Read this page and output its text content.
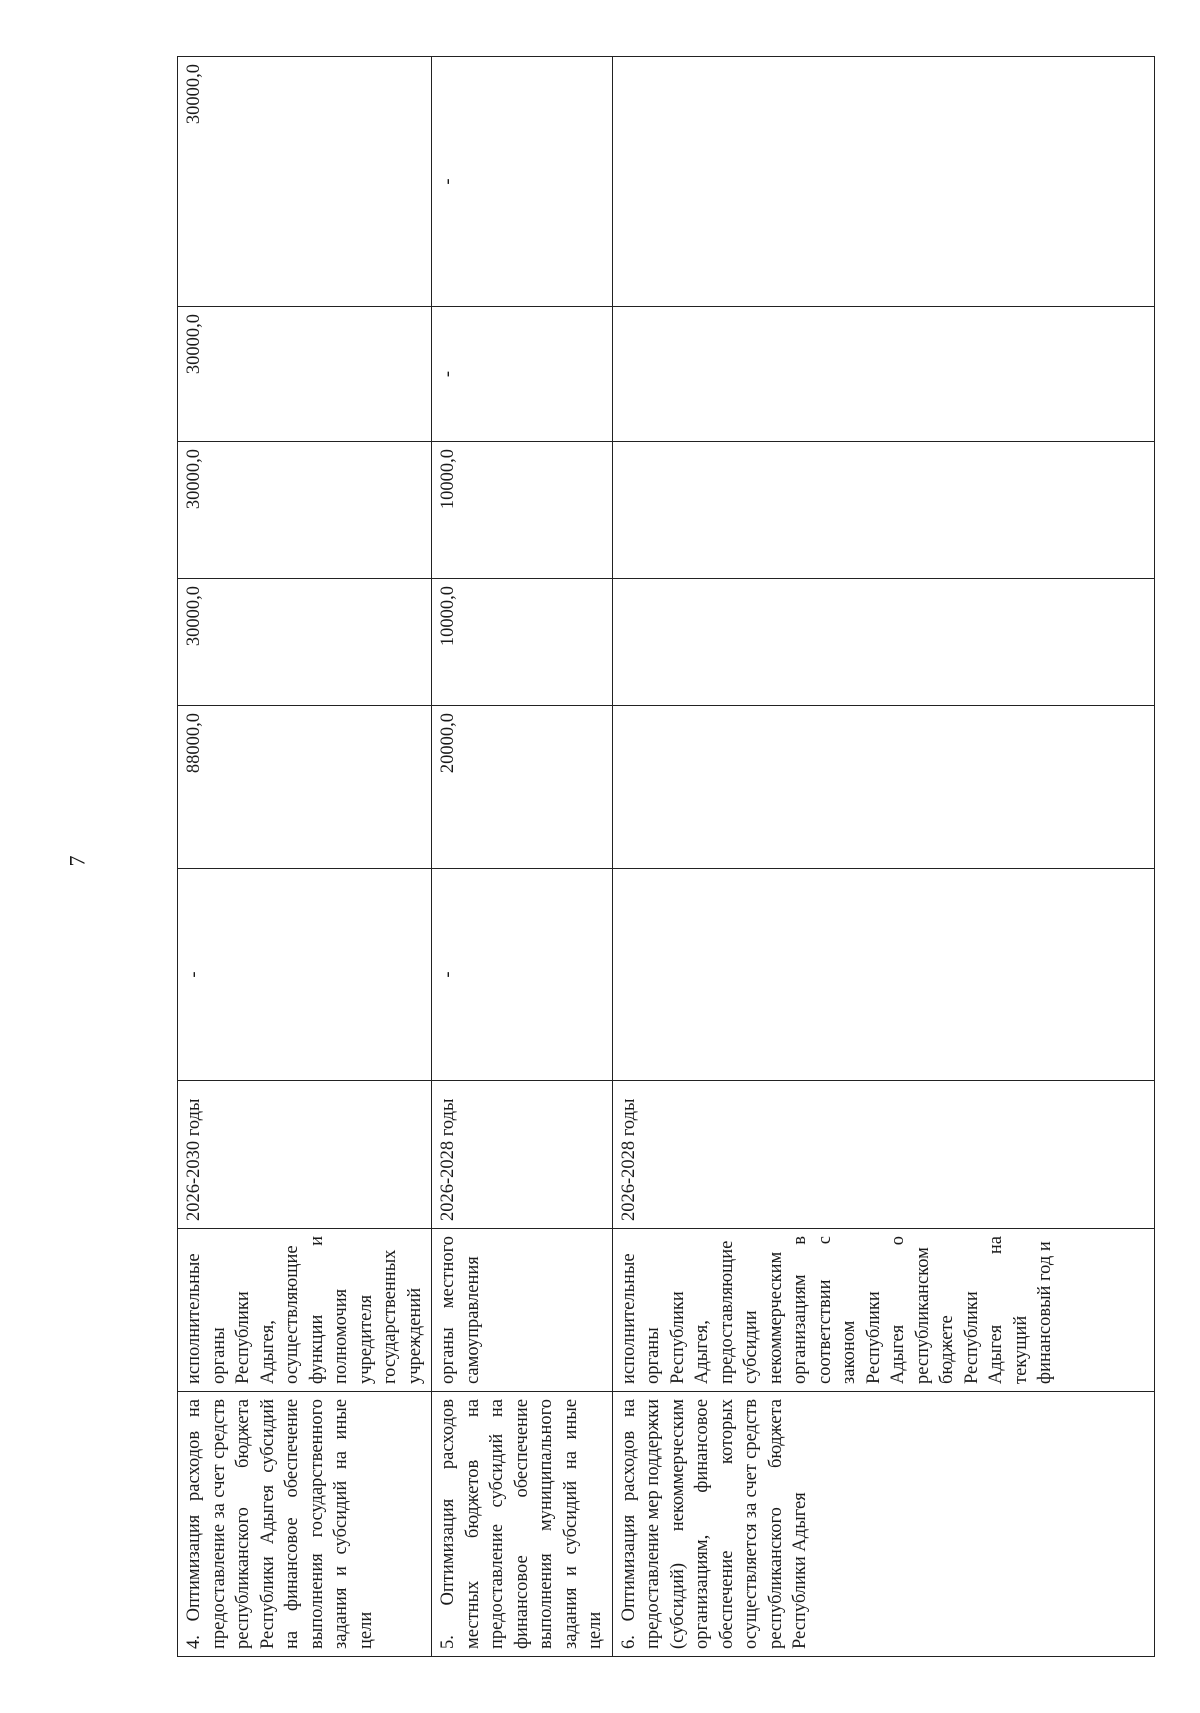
7
4. Оптимизация расходов на предоставление за счет средств республиканского бюджета Республики Адыгея субсидий на финансовое обеспечение выполнения государственного задания и субсидий на иные цели	исполнительные органы Республики Адыгея, осуществляющие функции и полномочия учредителя государственных учреждений	2026-2030 годы	-	88000,0	30000,0	30000,0	30000,0	30000,0
5. Оптимизация расходов местных бюджетов на предоставление субсидий на финансовое обеспечение выполнения муниципального задания и субсидий на иные цели	органы местного самоуправления	2026-2028 годы	-	20000,0	10000,0	10000,0	-	-
6. Оптимизация расходов на предоставление мер поддержки (субсидий) некоммерческим организациям, финансовое обеспечение которых осуществляется за счет средств республиканского бюджета Республики Адыгея	исполнительные органы Республики Адыгея, предоставляющие субсидии некоммерческим организациям в соответствии с законом Республики Адыгея о республиканском бюджете Республики Адыгея на текущий финансовый год и	2026-2028 годы						
